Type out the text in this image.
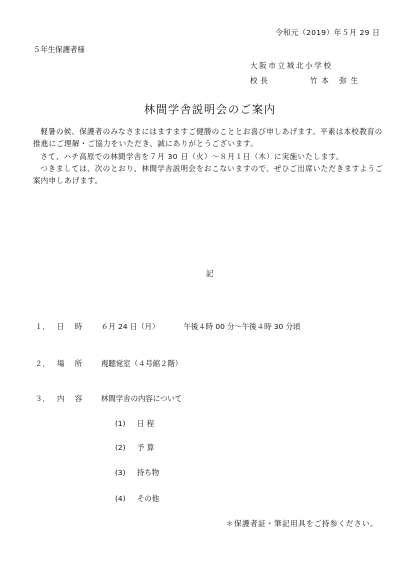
令和元（2019）年５月 29 日
５年生保護者様
大阪市立城北小学校
校長	竹本 弥生
林間学舎説明会のご案内

軽暑の候、保護者のみなさまにはますますご健勝のこととお喜び申しあげます。平素は本校教育の推進にご理解・ご協力をいただき、誠にありがとうございます。

さて、ハチ高原での林間学舎を７月 30 日（火）～８月１日（木）に実施いたします。

つきましては、次のとおり、林間学舎説明会をおこないますので、ぜひご出席いただきますようご案内申しあげます。

記
１． 日 時 ６月 24 日（月）	午後４時 00 分～午後４時 30 分頃
２． 場 所 視聴覚室（４号館２階）
３． 内 容 林間学舎の内容について
(1) 日 程
(2) 予 算
(3) 持ち物
(4) その他
＊保護者証・筆記用具をご持参ください。
